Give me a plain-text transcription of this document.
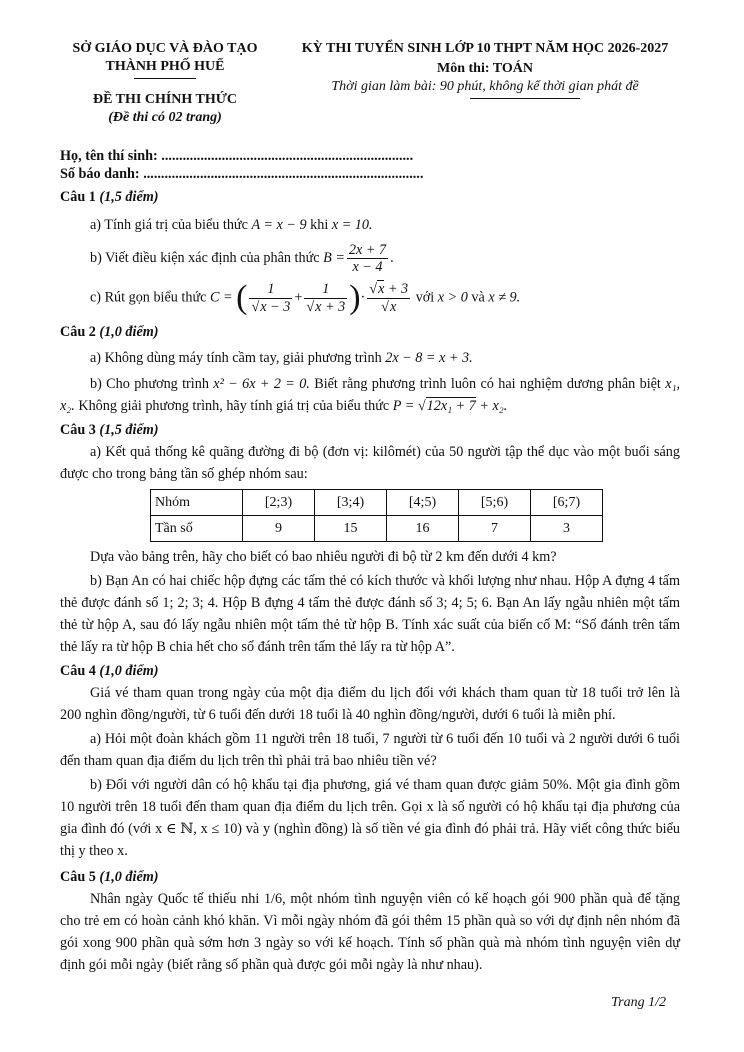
SỞ GIÁO DỤC VÀ ĐÀO TẠO
THÀNH PHỐ HUẾ
ĐỀ THI CHÍNH THỨC
(Đề thi có 02 trang)
KỲ THI TUYỂN SINH LỚP 10 THPT NĂM HỌC 2026-2027
Môn thi: TOÁN
Thời gian làm bài: 90 phút, không kể thời gian phát đề
Họ, tên thí sinh: .......................................................................
Số báo danh: ...............................................................................
Câu 1 (1,5 điểm)
a) Tính giá trị của biểu thức A = x − 9 khi x = 10.
b) Viết điều kiện xác định của phân thức $B = \frac{2x + 7}{x - 4}$ .
c) Rút gọn biểu thức C = ( $\frac{1}{√x - 3} + \frac{1}{√x + 3}$ )· $\frac{√x + 3}{√x}$ với x > 0 và x ≠ 9.
Câu 2 (1,0 điểm)
a) Không dùng máy tính cầm tay, giải phương trình 2x − 8 = x + 3.
b) Cho phương trình x² − 6x + 2 = 0. Biết rằng phương trình luôn có hai nghiệm dương phân biệt x₁, x₂. Không giải phương trình, hãy tính giá trị của biểu thức P = √12x₁ + 7 + x₂.
Câu 3 (1,5 điểm)
a) Kết quả thống kê quãng đường đi bộ (đơn vị: kilômét) của 50 người tập thể dục vào một buổi sáng được cho trong bảng tần số ghép nhóm sau:
Nhóm	[2;3)	[3;4)	[4;5)	[5;6)	[6;7)
Tần số	9	15	16	7	3
Dựa vào bảng trên, hãy cho biết có bao nhiêu người đi bộ từ 2 km đến dưới 4 km?
b) Bạn An có hai chiếc hộp đựng các tấm thẻ có kích thước và khối lượng như nhau. Hộp A đựng 4 tấm thẻ được đánh số 1; 2; 3; 4. Hộp B đựng 4 tấm thẻ được đánh số 3; 4; 5; 6. Bạn An lấy ngẫu nhiên một tấm thẻ từ hộp A, sau đó lấy ngẫu nhiên một tấm thẻ từ hộp B. Tính xác suất của biến cố M: “Số đánh trên tấm thẻ lấy ra từ hộp B chia hết cho số đánh trên tấm thẻ lấy ra từ hộp A”.
Câu 4 (1,0 điểm)
Giá vé tham quan trong ngày của một địa điểm du lịch đối với khách tham quan từ 18 tuổi trở lên là 200 nghìn đồng/người, từ 6 tuổi đến dưới 18 tuổi là 40 nghìn đồng/người, dưới 6 tuổi là miễn phí.
a) Hỏi một đoàn khách gồm 11 người trên 18 tuổi, 7 người từ 6 tuổi đến 10 tuổi và 2 người dưới 6 tuổi đến tham quan địa điểm du lịch trên thì phải trả bao nhiêu tiền vé?
b) Đối với người dân có hộ khẩu tại địa phương, giá vé tham quan được giảm 50%. Một gia đình gồm 10 người trên 18 tuổi đến tham quan địa điểm du lịch trên. Gọi x là số người có hộ khẩu tại địa phương của gia đình đó (với x ∈ ℕ, x ≤ 10) và y (nghìn đồng) là số tiền vé gia đình đó phải trả. Hãy viết công thức biểu thị y theo x.
Câu 5 (1,0 điểm)
Nhân ngày Quốc tế thiếu nhi 1/6, một nhóm tình nguyện viên có kế hoạch gói 900 phần quà để tặng cho trẻ em có hoàn cảnh khó khăn. Vì mỗi ngày nhóm đã gói thêm 15 phần quà so với dự định nên nhóm đã gói xong 900 phần quà sớm hơn 3 ngày so với kế hoạch. Tính số phần quà mà nhóm tình nguyện viên dự định gói mỗi ngày (biết rằng số phần quà được gói mỗi ngày là như nhau).
Trang 1/2
